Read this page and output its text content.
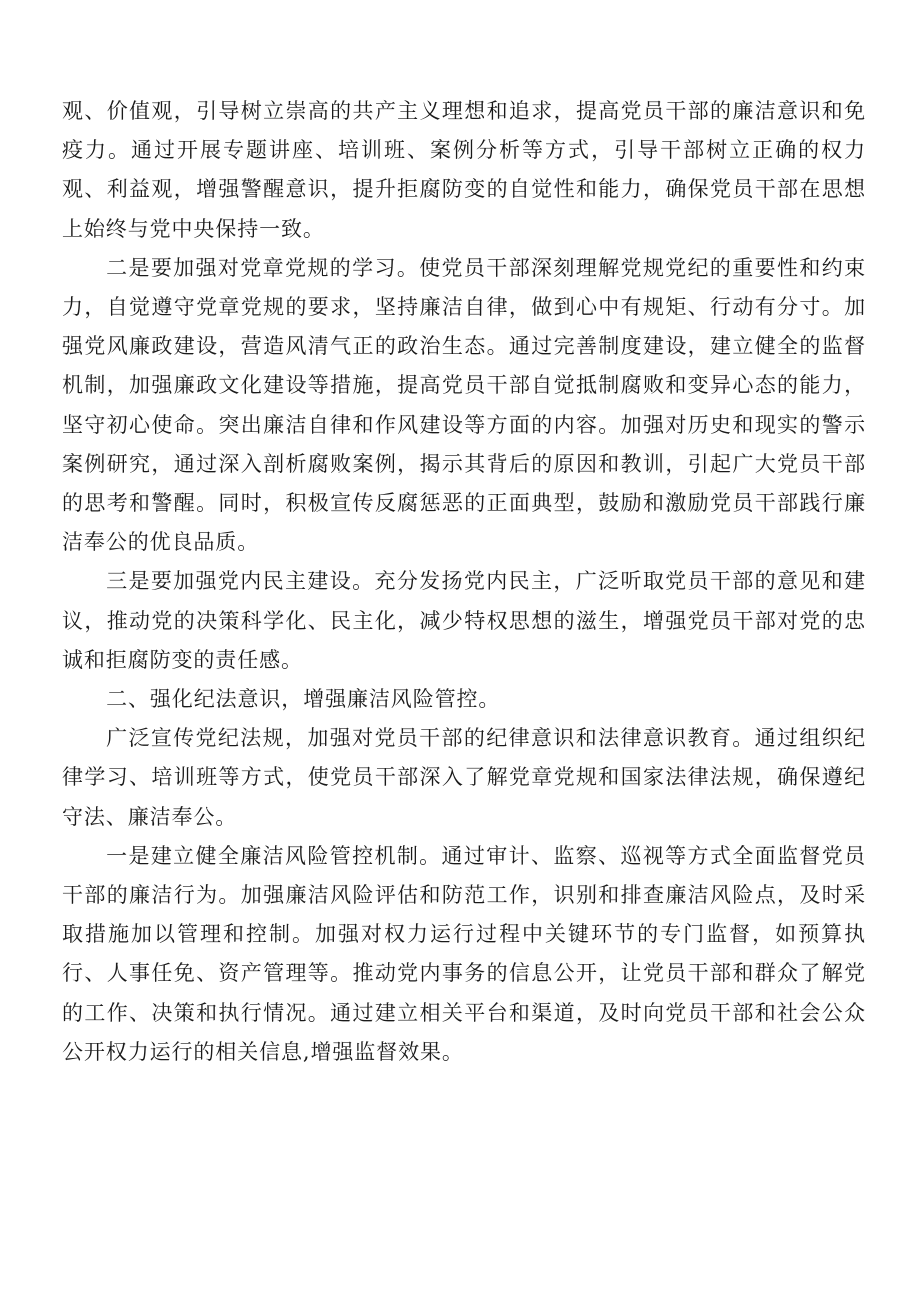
观、价值观，引导树立崇高的共产主义理想和追求，提高党员干部的廉洁意识和免疫力。通过开展专题讲座、培训班、案例分析等方式，引导干部树立正确的权力观、利益观，增强警醒意识，提升拒腐防变的自觉性和能力，确保党员干部在思想上始终与党中央保持一致。

二是要加强对党章党规的学习。使党员干部深刻理解党规党纪的重要性和约束力，自觉遵守党章党规的要求，坚持廉洁自律，做到心中有规矩、行动有分寸。加强党风廉政建设，营造风清气正的政治生态。通过完善制度建设，建立健全的监督机制，加强廉政文化建设等措施，提高党员干部自觉抵制腐败和变异心态的能力，坚守初心使命。突出廉洁自律和作风建设等方面的内容。加强对历史和现实的警示案例研究，通过深入剖析腐败案例，揭示其背后的原因和教训，引起广大党员干部的思考和警醒。同时，积极宣传反腐惩恶的正面典型，鼓励和激励党员干部践行廉洁奉公的优良品质。

三是要加强党内民主建设。充分发扬党内民主，广泛听取党员干部的意见和建议，推动党的决策科学化、民主化，减少特权思想的滋生，增强党员干部对党的忠诚和拒腐防变的责任感。

二、强化纪法意识，增强廉洁风险管控。

广泛宣传党纪法规，加强对党员干部的纪律意识和法律意识教育。通过组织纪律学习、培训班等方式，使党员干部深入了解党章党规和国家法律法规，确保遵纪守法、廉洁奉公。

一是建立健全廉洁风险管控机制。通过审计、监察、巡视等方式全面监督党员干部的廉洁行为。加强廉洁风险评估和防范工作，识别和排查廉洁风险点，及时采取措施加以管理和控制。加强对权力运行过程中关键环节的专门监督，如预算执行、人事任免、资产管理等。推动党内事务的信息公开，让党员干部和群众了解党的工作、决策和执行情况。通过建立相关平台和渠道，及时向党员干部和社会公众公开权力运行的相关信息,增强监督效果。
